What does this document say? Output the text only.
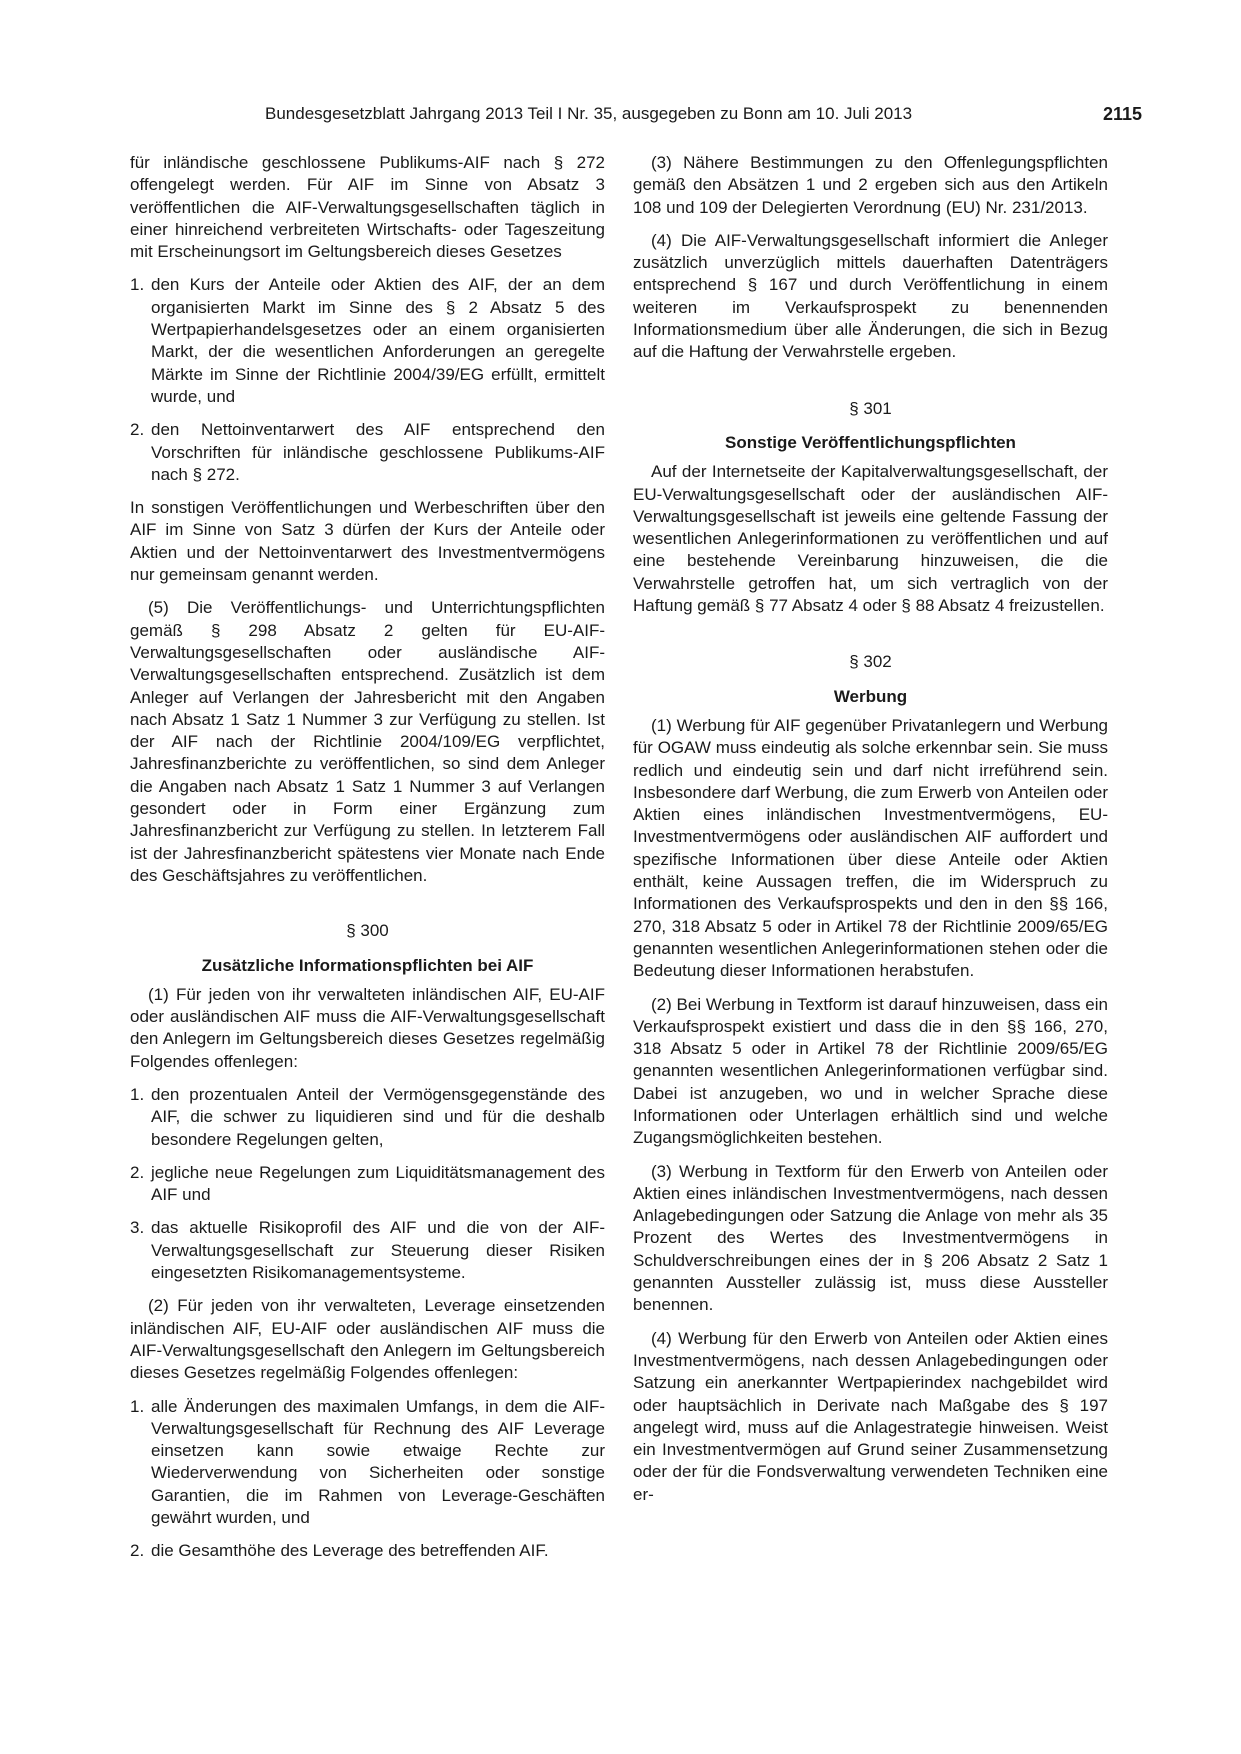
Bundesgesetzblatt Jahrgang 2013 Teil I Nr. 35, ausgegeben zu Bonn am 10. Juli 2013	2115

für inländische geschlossene Publikums-AIF nach § 272 offengelegt werden. Für AIF im Sinne von Absatz 3 veröffentlichen die AIF-Verwaltungsgesellschaften täglich in einer hinreichend verbreiteten Wirtschafts- oder Tageszeitung mit Erscheinungsort im Geltungsbereich dieses Gesetzes

1. den Kurs der Anteile oder Aktien des AIF, der an dem organisierten Markt im Sinne des § 2 Absatz 5 des Wertpapierhandelsgesetzes oder an einem organisierten Markt, der die wesentlichen Anforderungen an geregelte Märkte im Sinne der Richtlinie 2004/39/EG erfüllt, ermittelt wurde, und
2. den Nettoinventarwert des AIF entsprechend den Vorschriften für inländische geschlossene Publikums-AIF nach § 272.

In sonstigen Veröffentlichungen und Werbeschriften über den AIF im Sinne von Satz 3 dürfen der Kurs der Anteile oder Aktien und der Nettoinventarwert des Investmentvermögens nur gemeinsam genannt werden.

(5) Die Veröffentlichungs- und Unterrichtungspflichten gemäß § 298 Absatz 2 gelten für EU-AIF-Verwaltungsgesellschaften oder ausländische AIF-Verwaltungsgesellschaften entsprechend. Zusätzlich ist dem Anleger auf Verlangen der Jahresbericht mit den Angaben nach Absatz 1 Satz 1 Nummer 3 zur Verfügung zu stellen. Ist der AIF nach der Richtlinie 2004/109/EG verpflichtet, Jahresfinanzberichte zu veröffentlichen, so sind dem Anleger die Angaben nach Absatz 1 Satz 1 Nummer 3 auf Verlangen gesondert oder in Form einer Ergänzung zum Jahresfinanzbericht zur Verfügung zu stellen. In letzterem Fall ist der Jahresfinanzbericht spätestens vier Monate nach Ende des Geschäftsjahres zu veröffentlichen.

§ 300
Zusätzliche Informationspflichten bei AIF

(1) Für jeden von ihr verwalteten inländischen AIF, EU-AIF oder ausländischen AIF muss die AIF-Verwaltungsgesellschaft den Anlegern im Geltungsbereich dieses Gesetzes regelmäßig Folgendes offenlegen:

1. den prozentualen Anteil der Vermögensgegenstände des AIF, die schwer zu liquidieren sind und für die deshalb besondere Regelungen gelten,
2. jegliche neue Regelungen zum Liquiditätsmanagement des AIF und
3. das aktuelle Risikoprofil des AIF und die von der AIF-Verwaltungsgesellschaft zur Steuerung dieser Risiken eingesetzten Risikomanagementsysteme.

(2) Für jeden von ihr verwalteten, Leverage einsetzenden inländischen AIF, EU-AIF oder ausländischen AIF muss die AIF-Verwaltungsgesellschaft den Anlegern im Geltungsbereich dieses Gesetzes regelmäßig Folgendes offenlegen:

1. alle Änderungen des maximalen Umfangs, in dem die AIF-Verwaltungsgesellschaft für Rechnung des AIF Leverage einsetzen kann sowie etwaige Rechte zur Wiederverwendung von Sicherheiten oder sonstige Garantien, die im Rahmen von Leverage-Geschäften gewährt wurden, und
2. die Gesamthöhe des Leverage des betreffenden AIF.

(3) Nähere Bestimmungen zu den Offenlegungspflichten gemäß den Absätzen 1 und 2 ergeben sich aus den Artikeln 108 und 109 der Delegierten Verordnung (EU) Nr. 231/2013.

(4) Die AIF-Verwaltungsgesellschaft informiert die Anleger zusätzlich unverzüglich mittels dauerhaften Datenträgers entsprechend § 167 und durch Veröffentlichung in einem weiteren im Verkaufsprospekt zu benennenden Informationsmedium über alle Änderungen, die sich in Bezug auf die Haftung der Verwahrstelle ergeben.

§ 301
Sonstige Veröffentlichungspflichten

Auf der Internetseite der Kapitalverwaltungsgesellschaft, der EU-Verwaltungsgesellschaft oder der ausländischen AIF-Verwaltungsgesellschaft ist jeweils eine geltende Fassung der wesentlichen Anlegerinformationen zu veröffentlichen und auf eine bestehende Vereinbarung hinzuweisen, die die Verwahrstelle getroffen hat, um sich vertraglich von der Haftung gemäß § 77 Absatz 4 oder § 88 Absatz 4 freizustellen.

§ 302
Werbung

(1) Werbung für AIF gegenüber Privatanlegern und Werbung für OGAW muss eindeutig als solche erkennbar sein. Sie muss redlich und eindeutig sein und darf nicht irreführend sein. Insbesondere darf Werbung, die zum Erwerb von Anteilen oder Aktien eines inländischen Investmentvermögens, EU-Investmentvermögens oder ausländischen AIF auffordert und spezifische Informationen über diese Anteile oder Aktien enthält, keine Aussagen treffen, die im Widerspruch zu Informationen des Verkaufsprospekts und den in den §§ 166, 270, 318 Absatz 5 oder in Artikel 78 der Richtlinie 2009/65/EG genannten wesentlichen Anlegerinformationen stehen oder die Bedeutung dieser Informationen herabstufen.

(2) Bei Werbung in Textform ist darauf hinzuweisen, dass ein Verkaufsprospekt existiert und dass die in den §§ 166, 270, 318 Absatz 5 oder in Artikel 78 der Richtlinie 2009/65/EG genannten wesentlichen Anlegerinformationen verfügbar sind. Dabei ist anzugeben, wo und in welcher Sprache diese Informationen oder Unterlagen erhältlich sind und welche Zugangsmöglichkeiten bestehen.

(3) Werbung in Textform für den Erwerb von Anteilen oder Aktien eines inländischen Investmentvermögens, nach dessen Anlagebedingungen oder Satzung die Anlage von mehr als 35 Prozent des Wertes des Investmentvermögens in Schuldverschreibungen eines der in § 206 Absatz 2 Satz 1 genannten Aussteller zulässig ist, muss diese Aussteller benennen.

(4) Werbung für den Erwerb von Anteilen oder Aktien eines Investmentvermögens, nach dessen Anlagebedingungen oder Satzung ein anerkannter Wertpapierindex nachgebildet wird oder hauptsächlich in Derivate nach Maßgabe des § 197 angelegt wird, muss auf die Anlagestrategie hinweisen. Weist ein Investmentvermögen auf Grund seiner Zusammensetzung oder der für die Fondsverwaltung verwendeten Techniken eine er-
